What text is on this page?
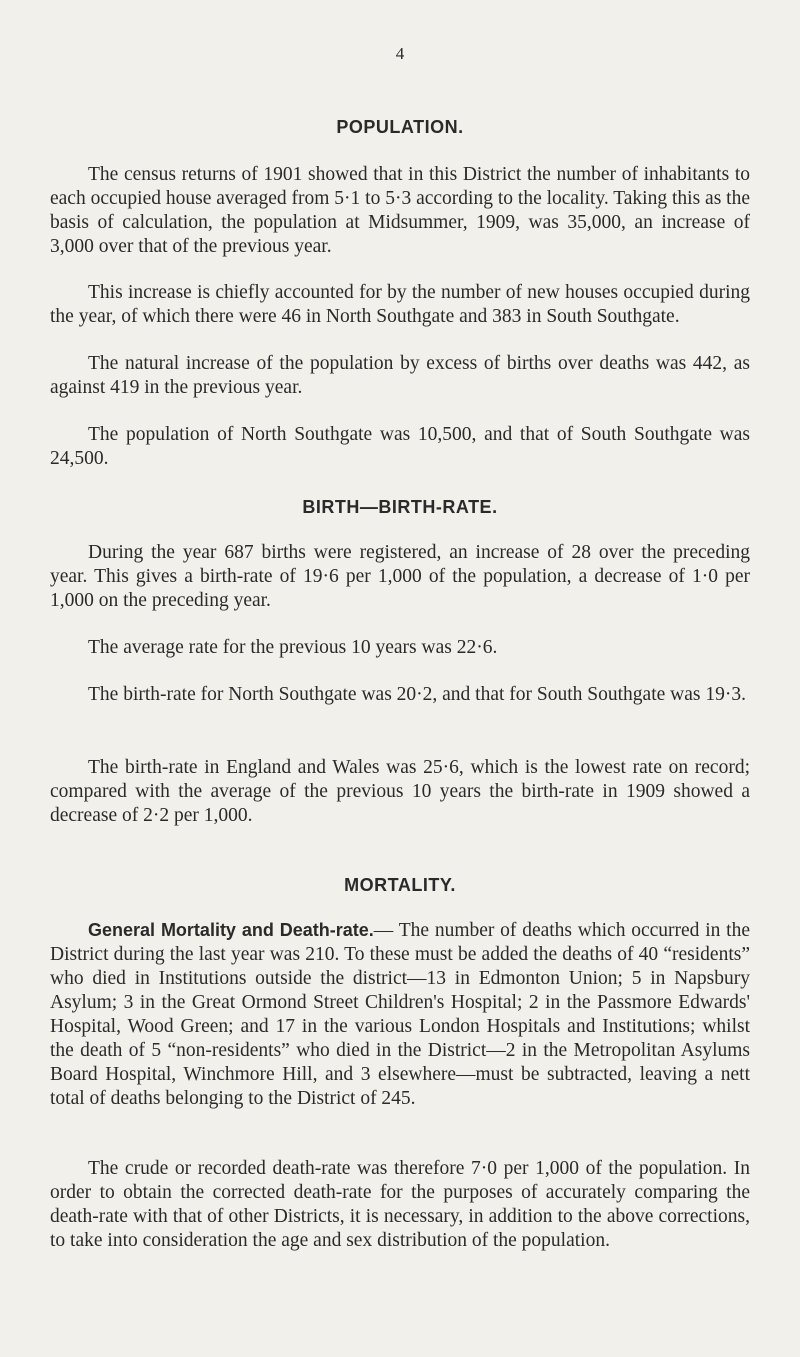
4
POPULATION.

The census returns of 1901 showed that in this District the number of inhabitants to each occupied house averaged from 5·1 to 5·3 according to the locality. Taking this as the basis of calculation, the population at Midsummer, 1909, was 35,000, an increase of 3,000 over that of the previous year.

This increase is chiefly accounted for by the number of new houses occupied during the year, of which there were 46 in North Southgate and 383 in South Southgate.

The natural increase of the population by excess of births over deaths was 442, as against 419 in the previous year.

The population of North Southgate was 10,500, and that of South Southgate was 24,500.

BIRTH—BIRTH-RATE.

During the year 687 births were registered, an increase of 28 over the preceding year. This gives a birth-rate of 19·6 per 1,000 of the population, a decrease of 1·0 per 1,000 on the preceding year.

The average rate for the previous 10 years was 22·6.

The birth-rate for North Southgate was 20·2, and that for South Southgate was 19·3.

The birth-rate in England and Wales was 25·6, which is the lowest rate on record; compared with the average of the previous 10 years the birth-rate in 1909 showed a decrease of 2·2 per 1,000.

MORTALITY.

General Mortality and Death-rate.— The number of deaths which occurred in the District during the last year was 210. To these must be added the deaths of 40 “residents” who died in Institutions outside the district—13 in Edmonton Union; 5 in Napsbury Asylum; 3 in the Great Ormond Street Children's Hospital; 2 in the Passmore Edwards' Hospital, Wood Green; and 17 in the various London Hospitals and Institutions; whilst the death of 5 “non-residents” who died in the District—2 in the Metropolitan Asylums Board Hospital, Winchmore Hill, and 3 elsewhere—must be subtracted, leaving a nett total of deaths belonging to the District of 245.

The crude or recorded death-rate was therefore 7·0 per 1,000 of the population. In order to obtain the corrected death-rate for the purposes of accurately comparing the death-rate with that of other Districts, it is necessary, in addition to the above corrections, to take into consideration the age and sex distribution of the population.
